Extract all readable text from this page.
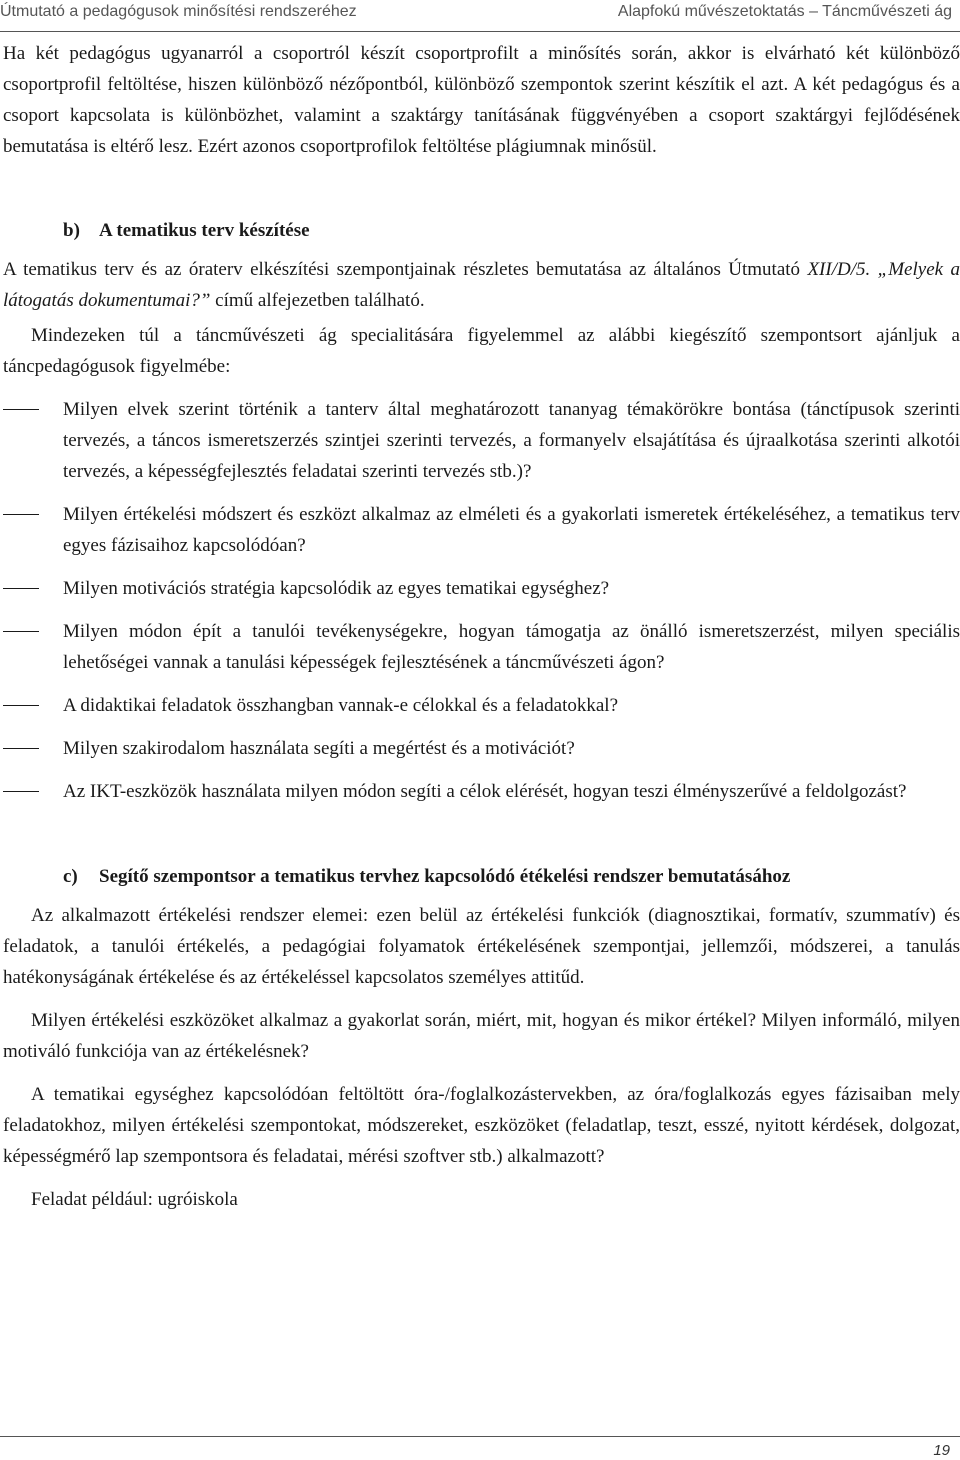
Útmutató a pedagógusok minősítési rendszeréhez	Alapfokú művészetoktatás – Táncművészeti ág

Ha két pedagógus ugyanarról a csoportról készít csoportprofilt a minősítés során, akkor is elvárható két különböző csoportprofil feltöltése, hiszen különböző nézőpontból, különböző szempontok szerint készítik el azt. A két pedagógus és a csoport kapcsolata is különbözhet, valamint a szaktárgy tanításának függvényében a csoport szaktárgyi fejlődésének bemutatása is eltérő lesz. Ezért azonos csoportprofilok feltöltése plágiumnak minősül.

b) A tematikus terv készítése

A tematikus terv és az óraterv elkészítési szempontjainak részletes bemutatása az általános Útmutató XII/D/5. „Melyek a látogatás dokumentumai?” című alfejezetben található.

Mindezeken túl a táncművészeti ág specialitására figyelemmel az alábbi kiegészítő szempontsort ajánljuk a táncpedagógusok figyelmébe:

Milyen elvek szerint történik a tanterv által meghatározott tananyag témakörökre bontása (tánctípusok szerinti tervezés, a táncos ismeretszerzés szintjei szerinti tervezés, a formanyelv elsajátítása és újraalkotása szerinti alkotói tervezés, a képességfejlesztés feladatai szerinti tervezés stb.)?
Milyen értékelési módszert és eszközt alkalmaz az elméleti és a gyakorlati ismeretek értékeléséhez, a tematikus terv egyes fázisaihoz kapcsolódóan?
Milyen motivációs stratégia kapcsolódik az egyes tematikai egységhez?
Milyen módon épít a tanulói tevékenységekre, hogyan támogatja az önálló ismeretszerzést, milyen speciális lehetőségei vannak a tanulási képességek fejlesztésének a táncművészeti ágon?
A didaktikai feladatok összhangban vannak-e célokkal és a feladatokkal?
Milyen szakirodalom használata segíti a megértést és a motivációt?
Az IKT-eszközök használata milyen módon segíti a célok elérését, hogyan teszi élményszerűvé a feldolgozást?

c) Segítő szempontsor a tematikus tervhez kapcsolódó étékelési rendszer bemutatásához

Az alkalmazott értékelési rendszer elemei: ezen belül az értékelési funkciók (diagnosztikai, formatív, szummatív) és feladatok, a tanulói értékelés, a pedagógiai folyamatok értékelésének szempontjai, jellemzői, módszerei, a tanulás hatékonyságának értékelése és az értékeléssel kapcsolatos személyes attitűd.

Milyen értékelési eszközöket alkalmaz a gyakorlat során, miért, mit, hogyan és mikor értékel? Milyen informáló, milyen motiváló funkciója van az értékelésnek?

A tematikai egységhez kapcsolódóan feltöltött óra-/foglalkozástervekben, az óra/foglalkozás egyes fázisaiban mely feladatokhoz, milyen értékelési szempontokat, módszereket, eszközöket (feladatlap, teszt, esszé, nyitott kérdések, dolgozat, képességmérő lap szempontsora és feladatai, mérési szoftver stb.) alkalmazott?

Feladat például: ugróiskola

19
